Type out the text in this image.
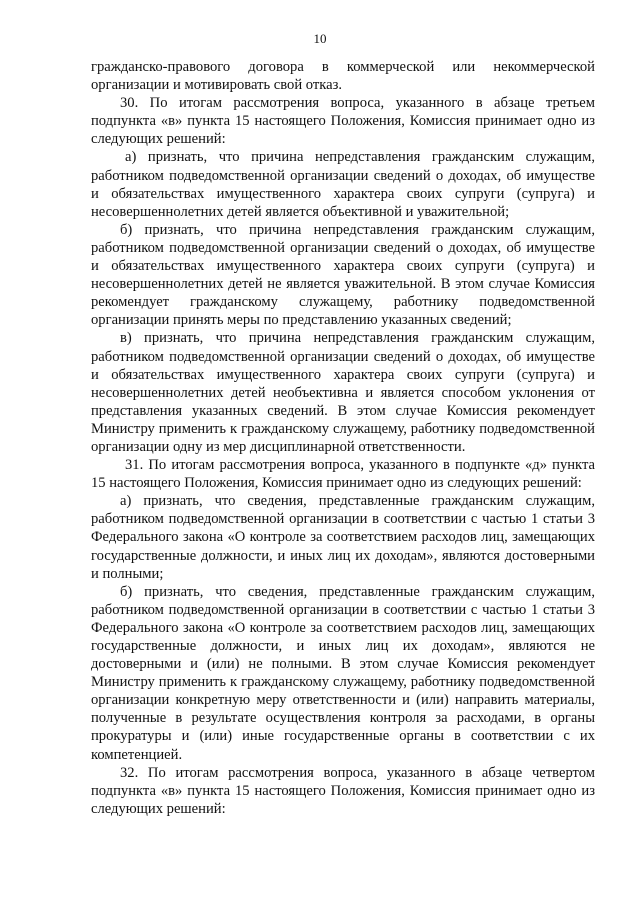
10

гражданско-правового договора в коммерческой или некоммерческой организации и мотивировать свой отказ.

30. По итогам рассмотрения вопроса, указанного в абзаце третьем подпункта «в» пункта 15 настоящего Положения, Комиссия принимает одно из следующих решений:

а) признать, что причина непредставления гражданским служащим, работником подведомственной организации сведений о доходах, об имуществе и обязательствах имущественного характера своих супруги (супруга) и несовершеннолетних детей является объективной и уважительной;

б) признать, что причина непредставления гражданским служащим, работником подведомственной организации сведений о доходах, об имуществе и обязательствах имущественного характера своих супруги (супруга) и несовершеннолетних детей не является уважительной. В этом случае Комиссия рекомендует гражданскому служащему, работнику подведомственной организации принять меры по представлению указанных сведений;

в) признать, что причина непредставления гражданским служащим, работником подведомственной организации сведений о доходах, об имуществе и обязательствах имущественного характера своих супруги (супруга) и несовершеннолетних детей необъективна и является способом уклонения от представления указанных сведений. В этом случае Комиссия рекомендует Министру применить к гражданскому служащему, работнику подведомственной организации одну из мер дисциплинарной ответственности.

31. По итогам рассмотрения вопроса, указанного в подпункте «д» пункта 15 настоящего Положения, Комиссия принимает одно из следующих решений:

а) признать, что сведения, представленные гражданским служащим, работником подведомственной организации в соответствии с частью 1 статьи 3 Федерального закона «О контроле за соответствием расходов лиц, замещающих государственные должности, и иных лиц их доходам», являются достоверными и полными;

б) признать, что сведения, представленные гражданским служащим, работником подведомственной организации в соответствии с частью 1 статьи 3 Федерального закона «О контроле за соответствием расходов лиц, замещающих государственные должности, и иных лиц их доходам», являются не достоверными и (или) не полными. В этом случае Комиссия рекомендует Министру применить к гражданскому служащему, работнику подведомственной организации конкретную меру ответственности и (или) направить материалы, полученные в результате осуществления контроля за расходами, в органы прокуратуры и (или) иные государственные органы в соответствии с их компетенцией.

32. По итогам рассмотрения вопроса, указанного в абзаце четвертом подпункта «в» пункта 15 настоящего Положения, Комиссия принимает одно из следующих решений:
